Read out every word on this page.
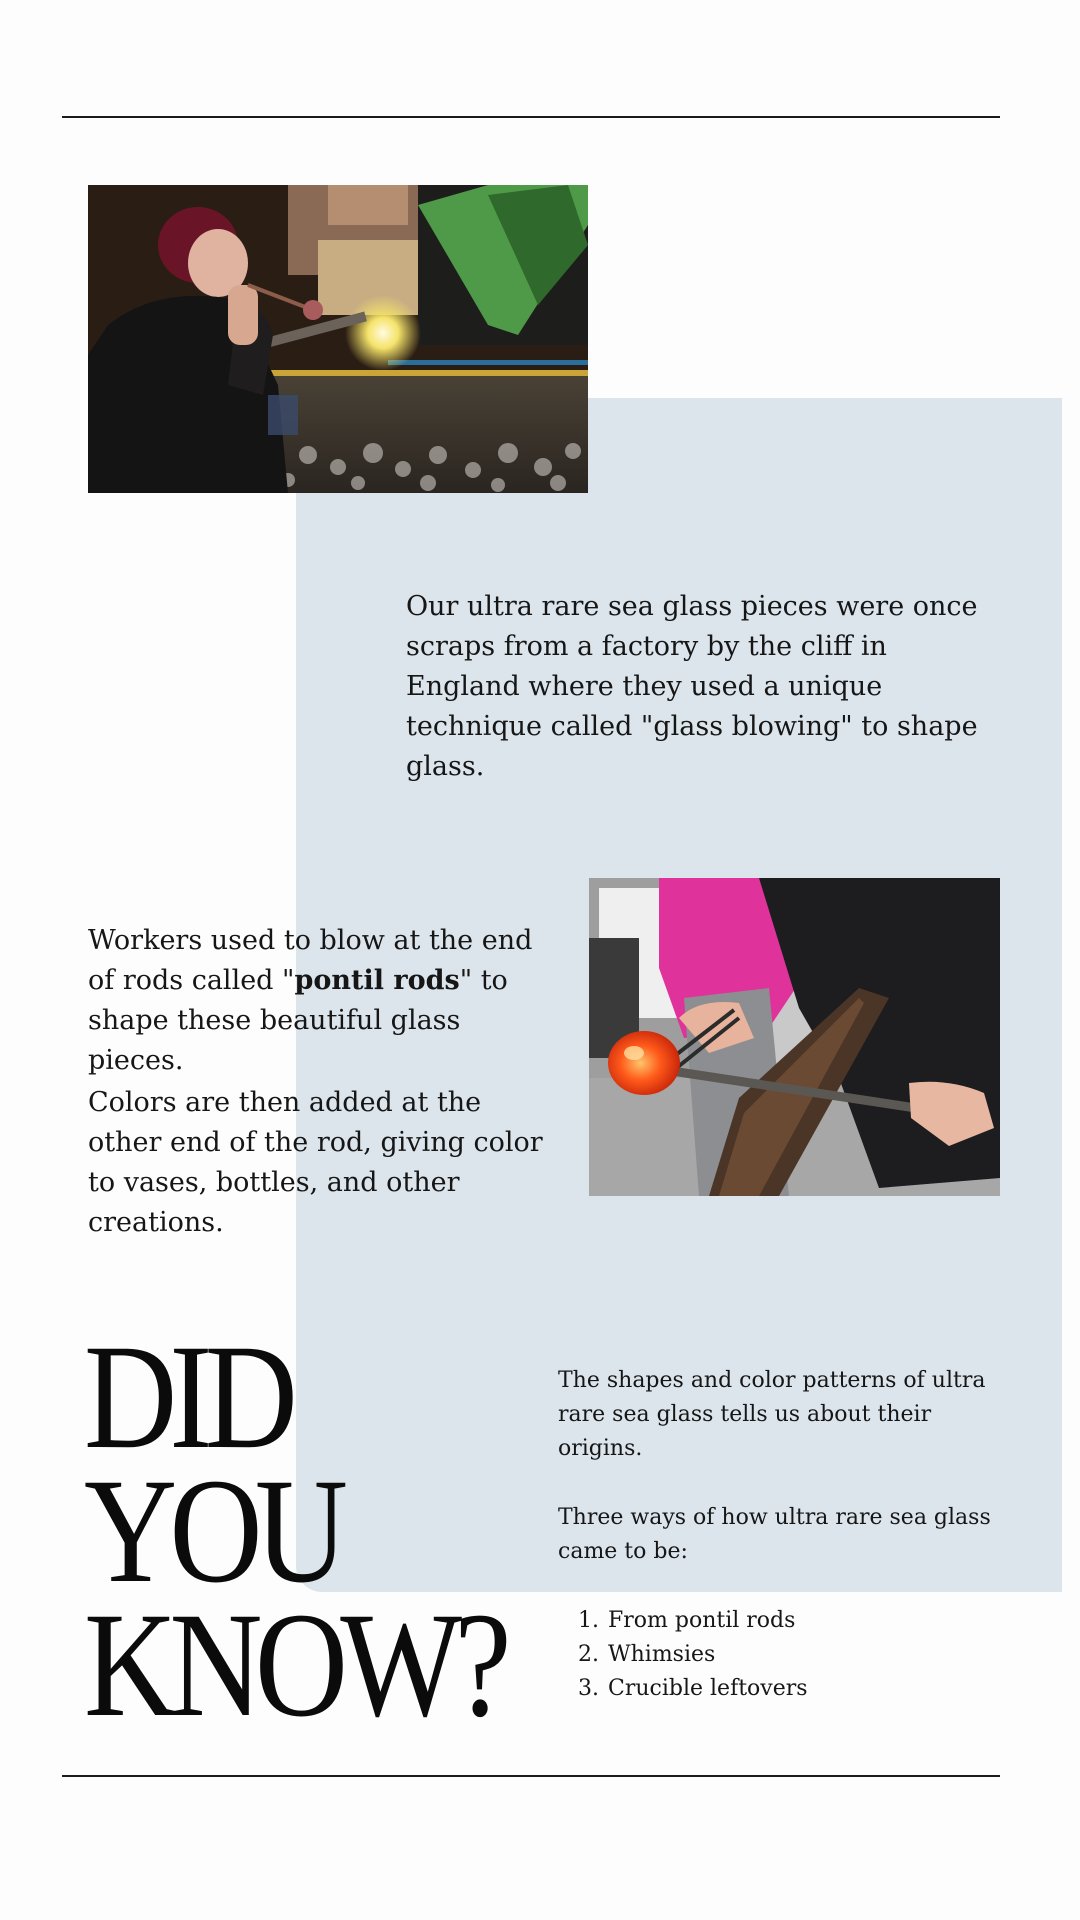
Our ultra rare sea glass pieces were once scraps from a factory by the cliff in England where they used a unique technique called "glass blowing" to shape glass.

Workers used to blow at the end of rods called "pontil rods" to shape these beautiful glass pieces.

Colors are then added at the other end of the rod, giving color to vases, bottles, and other creations.

DID YOU
KNOW?

The shapes and color patterns of ultra rare sea glass tells us about their origins.

Three ways of how ultra rare sea glass came to be:

1. From pontil rods
2. Whimsies
3. Crucible leftovers
